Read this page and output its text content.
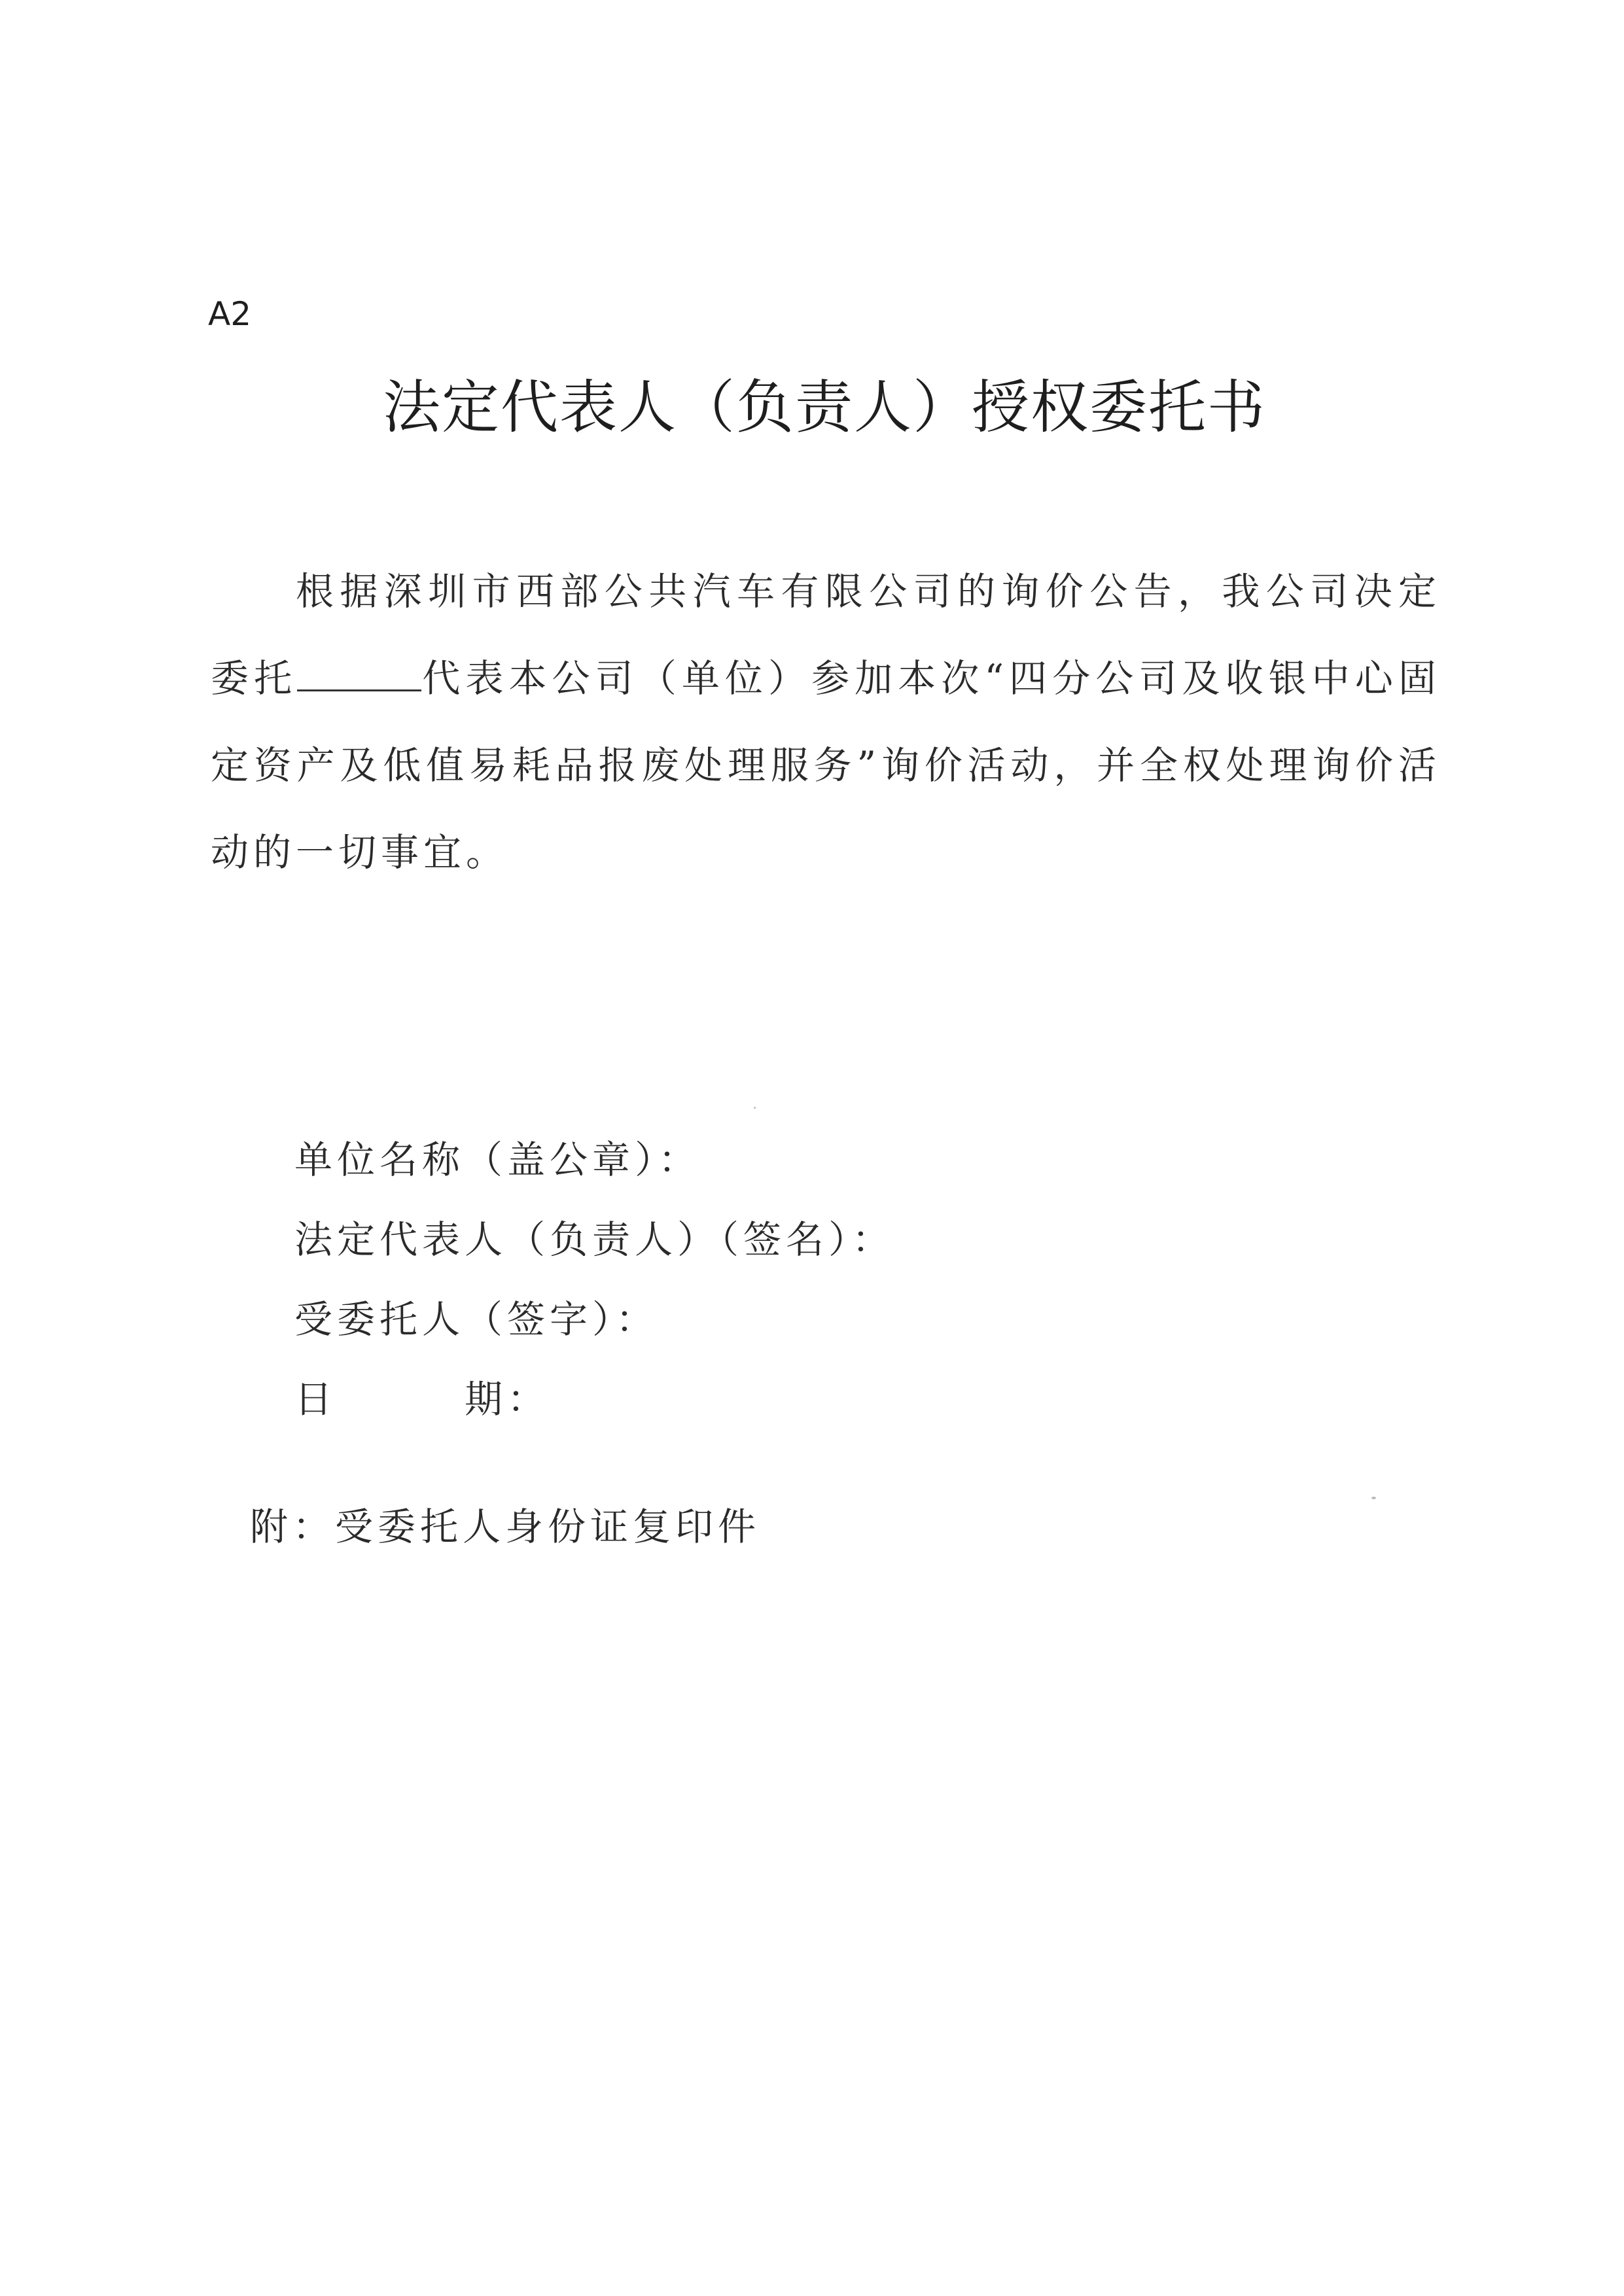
A2
法定代表人（负责人）授权委托书

根据深圳市西部公共汽车有限公司的询价公告，我公司决定委托	代表本公司（单位）参加本次“四分公司及收银中心固定资产及低值易耗品报废处理服务”询价活动，并全权处理询价活动的一切事宜。

单位名称（盖公章）：
法定代表人（负责人）（签名）：
受委托人（签字）：
日　　　期：
附：受委托人身份证复印件
